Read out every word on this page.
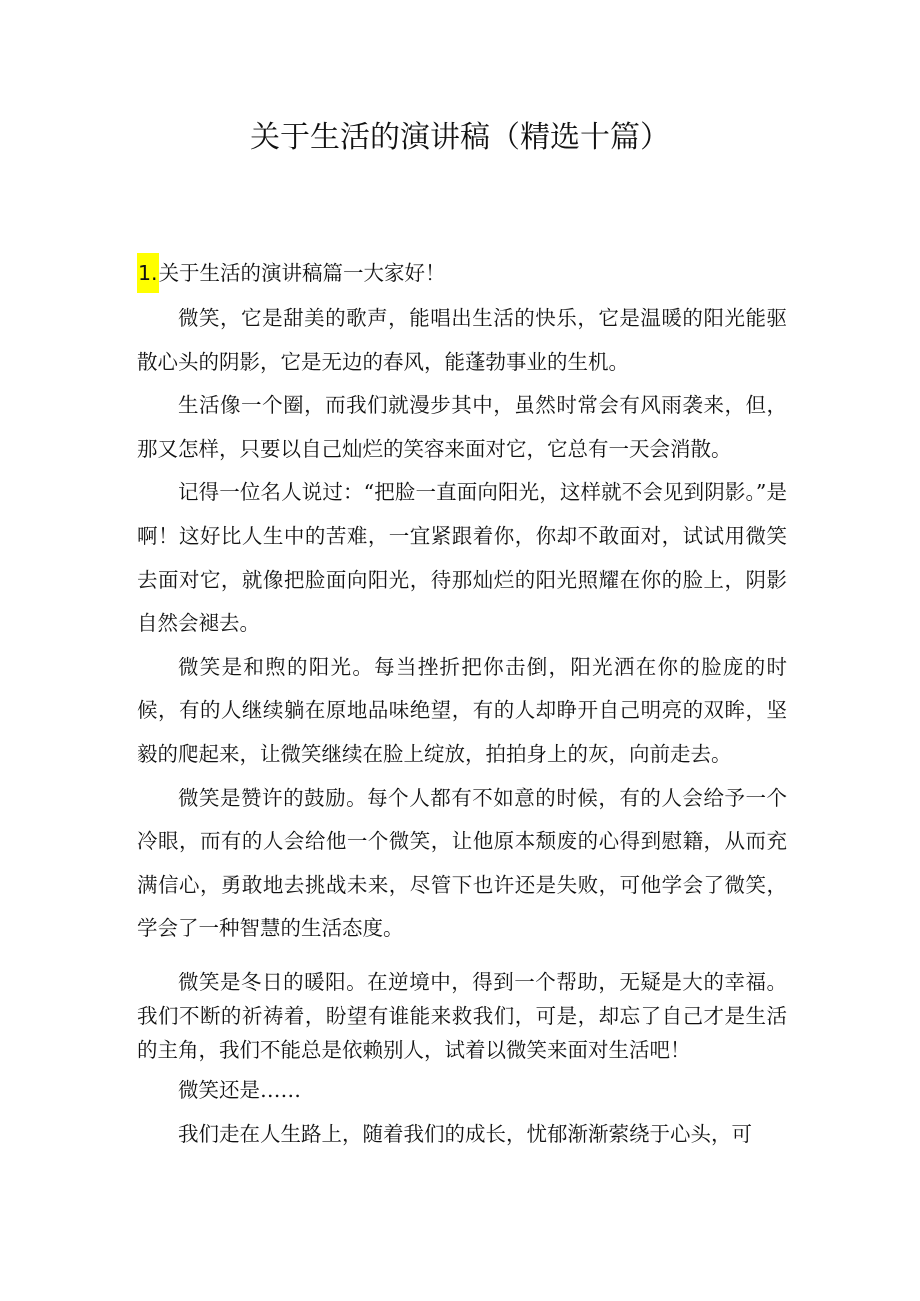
关于生活的演讲稿（精选十篇）
1.关于生活的演讲稿篇一大家好！

微笑，它是甜美的歌声，能唱出生活的快乐，它是温暖的阳光能驱散心头的阴影，它是无边的春风，能蓬勃事业的生机。

生活像一个圈，而我们就漫步其中，虽然时常会有风雨袭来，但，那又怎样，只要以自己灿烂的笑容来面对它，它总有一天会消散。

记得一位名人说过：“把脸一直面向阳光，这样就不会见到阴影。”是啊！这好比人生中的苦难，一宜紧跟着你，你却不敢面对，试试用微笑去面对它，就像把脸面向阳光，待那灿烂的阳光照耀在你的脸上，阴影自然会褪去。

微笑是和煦的阳光。每当挫折把你击倒，阳光洒在你的脸庞的时候，有的人继续躺在原地品味绝望，有的人却睁开自己明亮的双眸，坚毅的爬起来，让微笑继续在脸上绽放，拍拍身上的灰，向前走去。

微笑是赞许的鼓励。每个人都有不如意的时候，有的人会给予一个冷眼，而有的人会给他一个微笑，让他原本颓废的心得到慰籍，从而充满信心，勇敢地去挑战未来，尽管下也许还是失败，可他学会了微笑，学会了一种智慧的生活态度。

微笑是冬日的暖阳。在逆境中，得到一个帮助，无疑是大的幸福。我们不断的祈祷着，盼望有谁能来救我们，可是，却忘了自己才是生活的主角，我们不能总是依赖别人，试着以微笑来面对生活吧！

微笑还是……

我们走在人生路上，随着我们的成长，忧郁渐渐萦绕于心头，可
